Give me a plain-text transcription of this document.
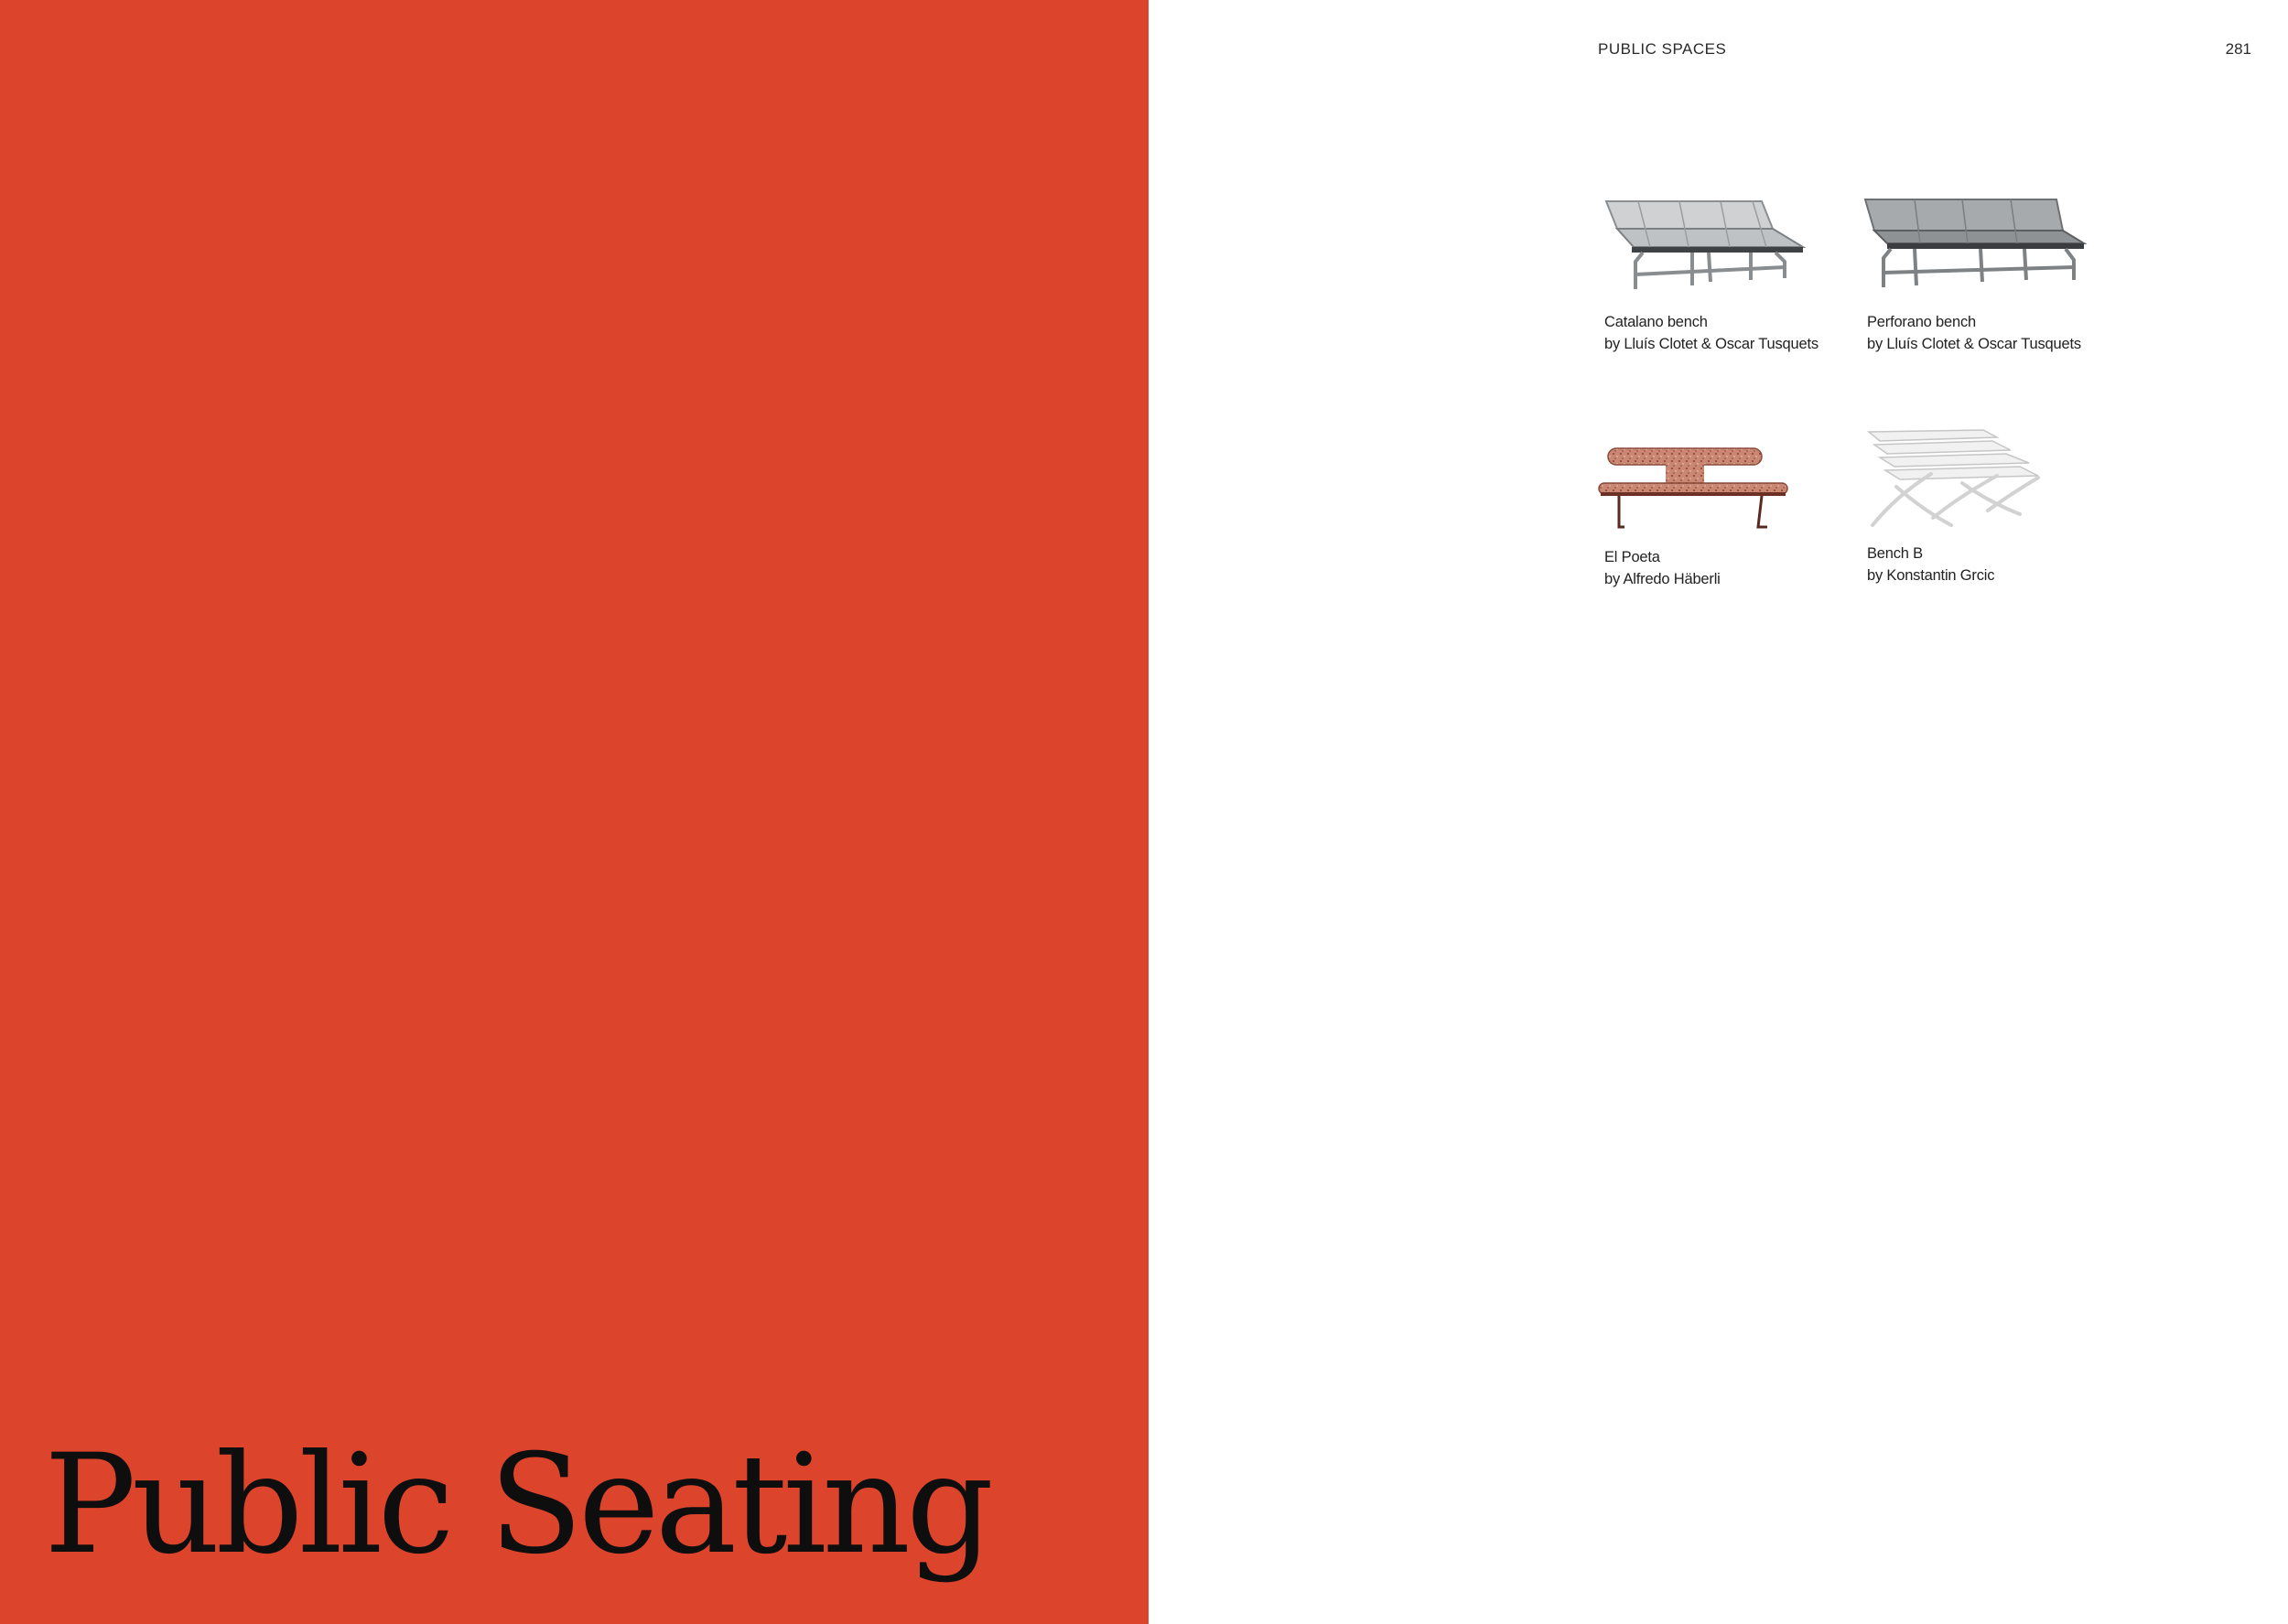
Public Seating
PUBLIC SPACES	281
Catalano bench
by Lluís Clotet & Oscar Tusquets
Perforano bench
by Lluís Clotet & Oscar Tusquets
El Poeta
by Alfredo Häberli
Bench B
by Konstantin Grcic
